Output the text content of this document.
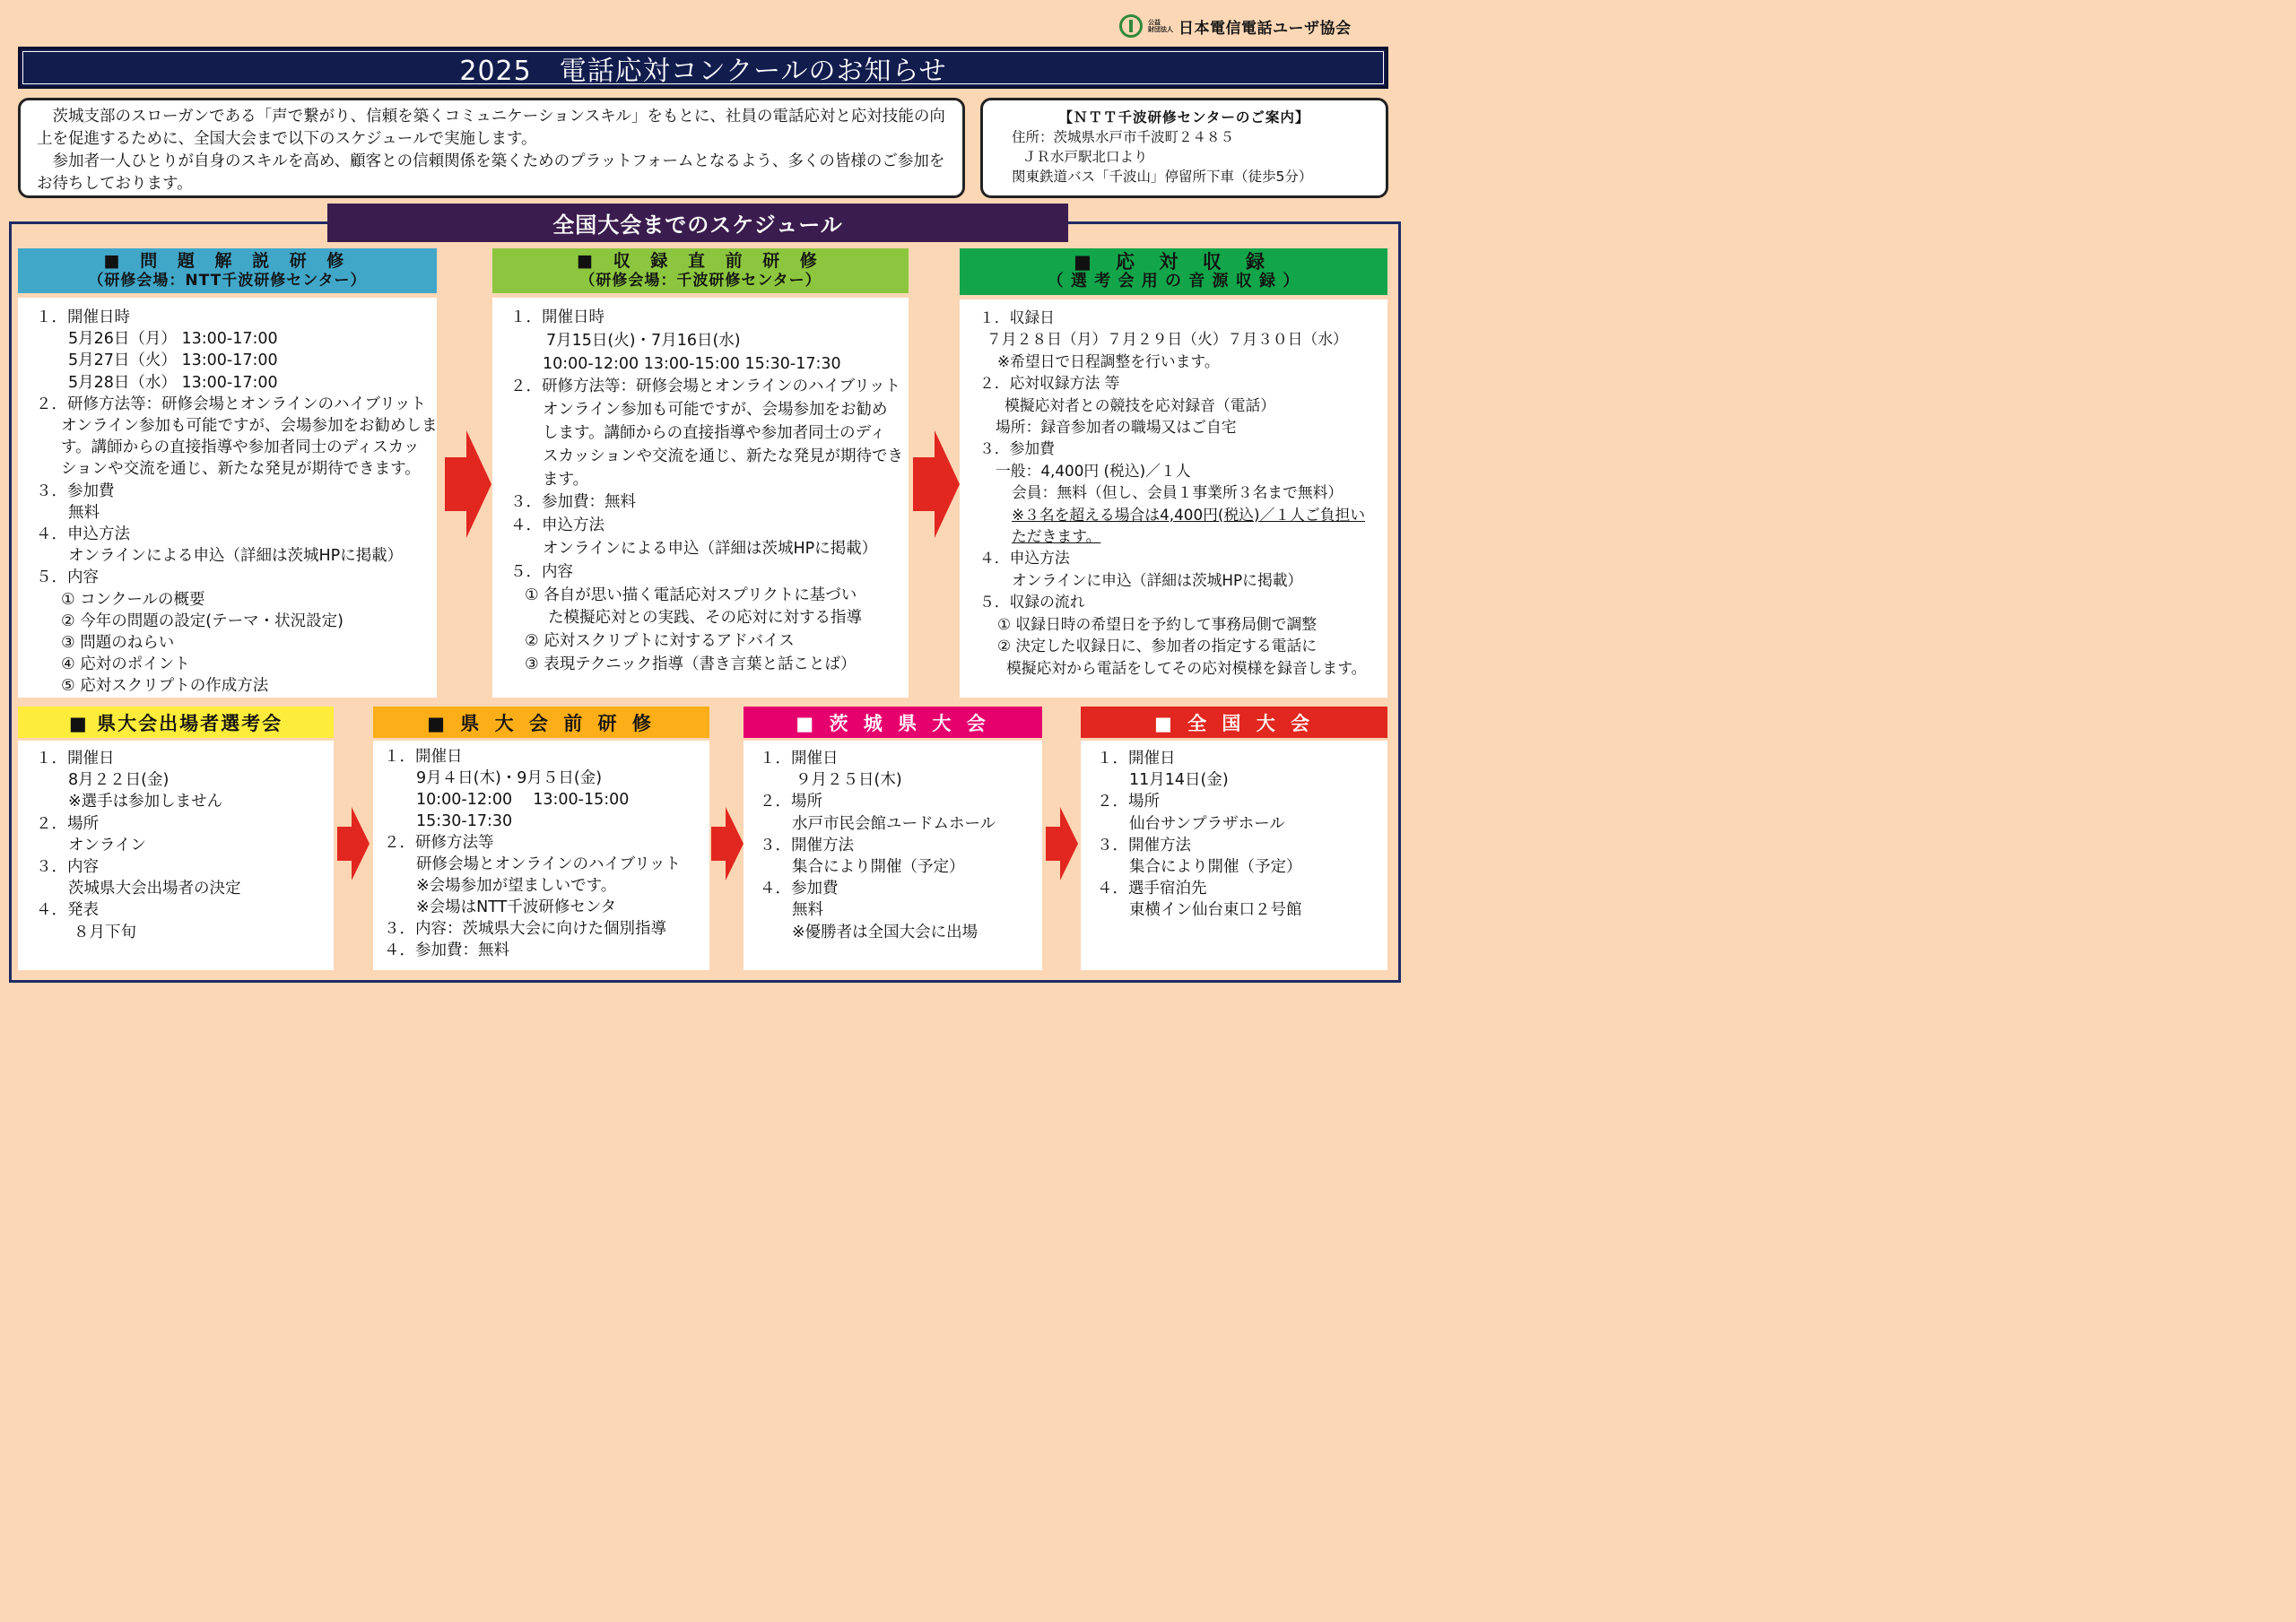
公益
財団法人 日本電信電話ユーザ協会
2025　電話応対コンクールのお知らせ

茨城支部のスローガンである「声で繋がり、信頼を築くコミュニケーションスキル」をもとに、社員の電話応対と応対技能の向上を促進するために、全国大会まで以下のスケジュールで実施します。

参加者一人ひとりが自身のスキルを高め、顧客との信頼関係を築くためのプラットフォームとなるよう、多くの皆様のご参加をお待ちしております。

【ＮＴＴ千波研修センターのご案内】
住所：茨城県水戸市千波町２４８５
ＪＲ水戸駅北口より
関東鉄道バス「千波山」停留所下車（徒歩5分）
全国大会までのスケジュール
■ 問 題 解 説 研 修
（研修会場：NTT千波研修センター）
１．開催日時
5月26日（月） 13:00-17:00
5月27日（火） 13:00-17:00
5月28日（水） 13:00-17:00
２．研修方法等：研修会場とオンラインのハイブリット
オンライン参加も可能ですが、会場参加をお勧めしま
す。講師からの直接指導や参加者同士のディスカッ
ションや交流を通じ、新たな発見が期待できます。
３．参加費
無料
４．申込方法
オンラインによる申込（詳細は茨城HPに掲載）
５．内容
① コンクールの概要
② 今年の問題の設定(テーマ・状況設定)
③ 問題のねらい
④ 応対のポイント
⑤ 応対スクリプトの作成方法
■ 収 録 直 前 研 修
（研修会場：千波研修センター）
１．開催日時
7月15日(火)・7月16日(水)
10:00-12:00 13:00-15:00 15:30-17:30
２．研修方法等：研修会場とオンラインのハイブリット
オンライン参加も可能ですが、会場参加をお勧め
します。講師からの直接指導や参加者同士のディ
スカッションや交流を通じ、新たな発見が期待でき
ます。
３．参加費：無料
４．申込方法
オンラインによる申込（詳細は茨城HPに掲載）
５．内容
① 各自が思い描く電話応対スプリクトに基づい
た模擬応対との実践、その応対に対する指導
② 応対スクリプトに対するアドバイス
③ 表現テクニック指導（書き言葉と話ことば）
■ 応 対 収 録
（ 選 考 会 用 の 音 源 収 録 ）
１．収録日
７月２８日（月）７月２９日（火）７月３０日（水）
※希望日で日程調整を行います。
２．応対収録方法 等
模擬応対者との競技を応対録音（電話）
場所：録音参加者の職場又はご自宅
３．参加費
一般：4,400円 (税込)／１人
会員：無料（但し、会員１事業所３名まで無料）
※３名を超える場合は4,400円(税込)／１人ご負担い
ただきます。
４．申込方法
オンラインに申込（詳細は茨城HPに掲載）
５．収録の流れ
① 収録日時の希望日を予約して事務局側で調整
② 決定した収録日に、参加者の指定する電話に
模擬応対から電話をしてその応対模様を録音します。
■ 県大会出場者選考会
１．開催日
8月２２日(金)
※選手は参加しません
２．場所
オンライン
３．内容
茨城県大会出場者の決定
４．発表
８月下旬
■ 県 大 会 前 研 修
１．開催日
9月４日(木)・9月５日(金)
10:00-12:00　 13:00-15:00
15:30-17:30
２．研修方法等
研修会場とオンラインのハイブリット
※会場参加が望ましいです。
※会場はNTT千波研修センタ
３．内容：茨城県大会に向けた個別指導
４．参加費：無料
■ 茨 城 県 大 会
１．開催日
９月２５日(木)
２．場所
水戸市民会館ユードムホール
３．開催方法
集合により開催（予定）
４．参加費
無料
※優勝者は全国大会に出場
■ 全 国 大 会
１．開催日
11月14日(金)
２．場所
仙台サンプラザホール
３．開催方法
集合により開催（予定）
４．選手宿泊先
東横イン仙台東口２号館
